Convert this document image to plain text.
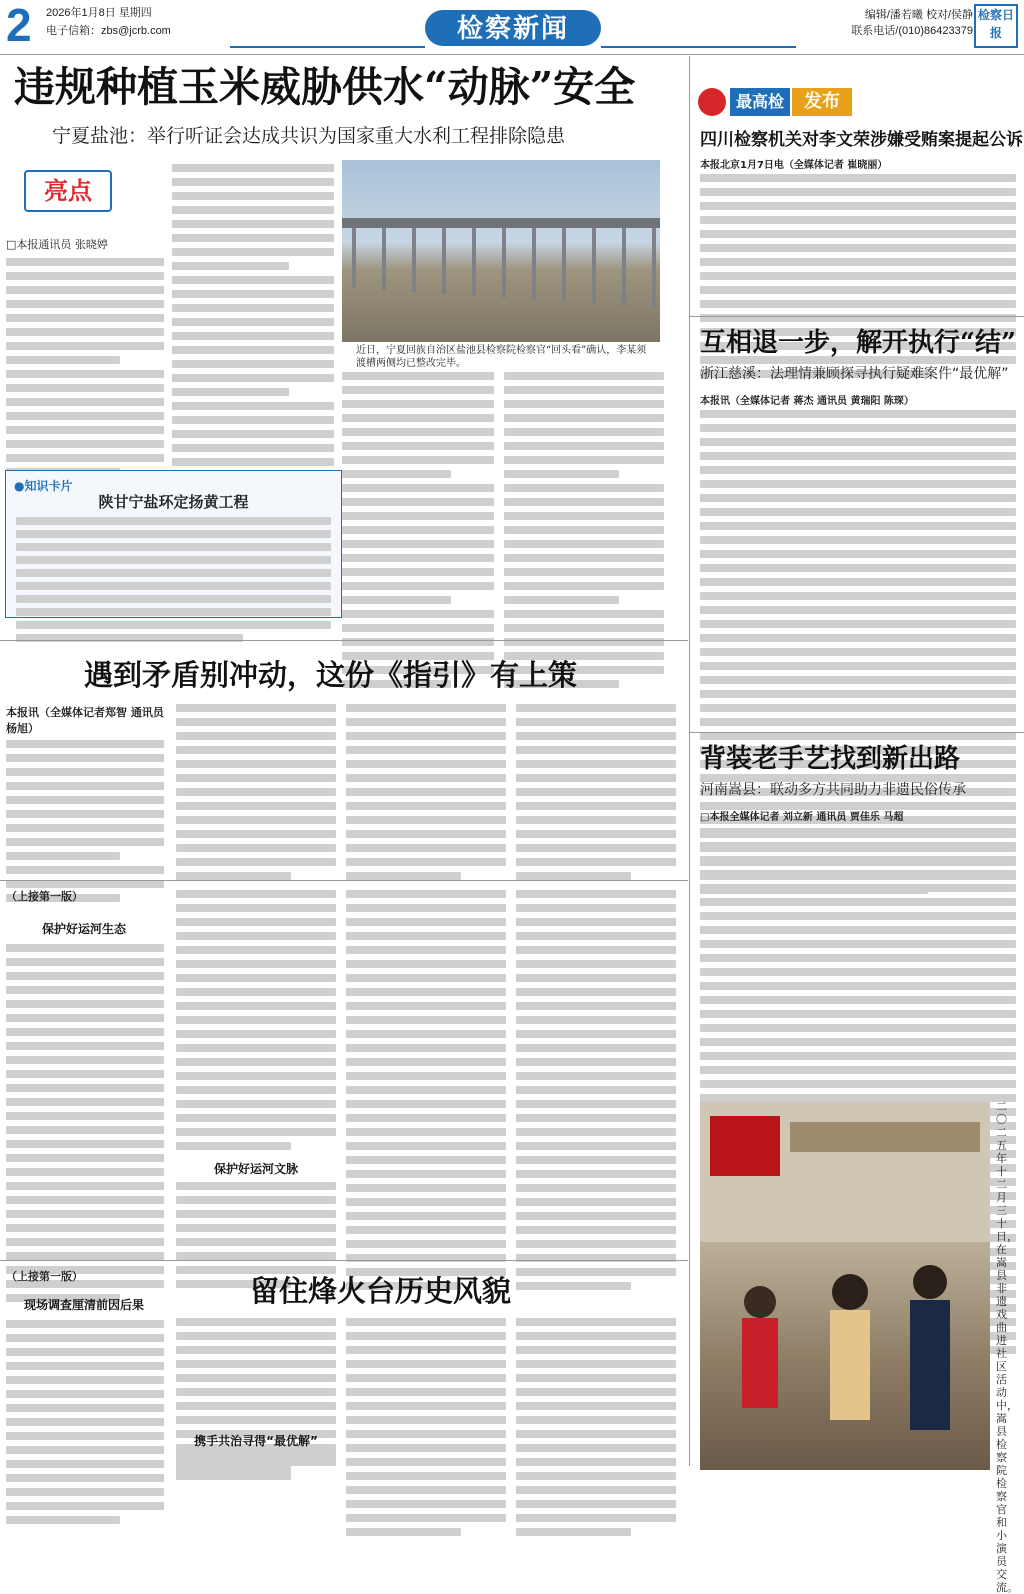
2 2026年1月8日 星期四
电子信箱：zbs@jcrb.com	检察新闻	编辑/潘若曦 校对/侯静
联系电话/(010)86423379
检察日报
违规种植玉米威胁供水“动脉”安全
宁夏盐池：举行听证会达成共识为国家重大水利工程排除隐患
亮点
□本报通讯员 张晓婷
近日，宁夏回族自治区盐池县检察院检察官“回头看”确认，李某须渡槽两侧均已整改完毕。
●知识卡片
陕甘宁盐环定扬黄工程
遇到矛盾别冲动，这份《指引》有上策
本报讯（全媒体记者郑智 通讯员杨旭）
（上接第一版）
保护好运河生态
保护好运河文脉
（上接第一版）	留住烽火台历史风貌
现场调查厘清前因后果
携手共治寻得“最优解”
最高检	发布
四川检察机关对李文荣涉嫌受贿案提起公诉
本报北京1月7日电（全媒体记者 崔晓丽）
互相退一步，解开执行“结”
浙江慈溪：法理情兼顾探寻执行疑难案件“最优解”
本报讯（全媒体记者 蒋杰 通讯员 黄瑞阳 陈琛）
背装老手艺找到新出路
河南嵩县：联动多方共同助力非遗民俗传承
□本报全媒体记者 刘立新 通讯员 贾佳乐 马超
二〇二五年十二月三十日，在嵩县非遗戏曲进社区活动中，嵩县检察院检察官和小演员交流。
